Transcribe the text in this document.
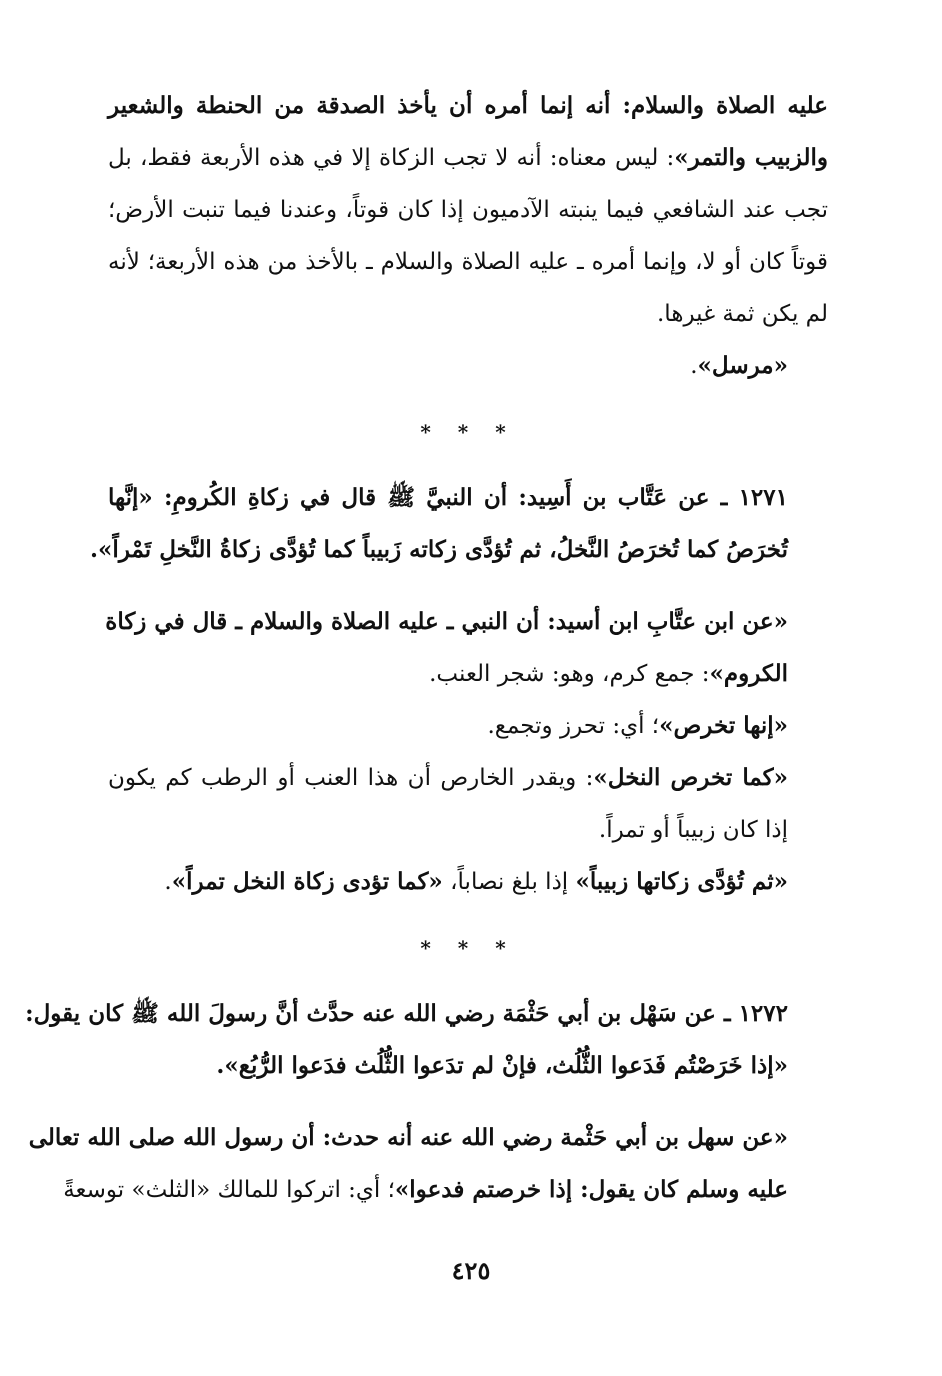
عليه الصلاة والسلام: أنه إنما أمره أن يأخذ الصدقة من الحنطة والشعير
والزبيب والتمر»: ليس معناه: أنه لا تجب الزكاة إلا في هذه الأربعة فقط، بل
تجب عند الشافعي فيما ينبته الآدميون إذا كان قوتاً، وعندنا فيما تنبت الأرض؛
قوتاً كان أو لا، وإنما أمره ـ عليه الصلاة والسلام ـ بالأخذ من هذه الأربعة؛ لأنه
لم يكن ثمة غيرها.
«مرسل».
* * *
١٢٧١ ـ عن عَتَّاب بن أَسِيد: أن النبيَّ ﷺ قال في زكاةِ الكُرومِ: «إنَّها
تُخرَصُ كما تُخرَصُ النَّخلُ، ثم تُؤدَّى زكاته زَبيباً كما تُؤدَّى زكاةُ النَّخلِ تَمْراً».
«عن ابن عتَّابِ ابن أسيد: أن النبي ـ عليه الصلاة والسلام ـ قال في زكاة
الكروم»: جمع كرم، وهو: شجر العنب.
«إنها تخرص»؛ أي: تحرز وتجمع.
«كما تخرص النخل»: ويقدر الخارص أن هذا العنب أو الرطب كم يكون
إذا كان زبيباً أو تمراً.
«ثم تُؤدَّى زكاتها زبيباً» إذا بلغ نصاباً، «كما تؤدى زكاة النخل تمراً».
* * *
١٢٧٢ ـ عن سَهْل بن أبي حَثْمَة رضي الله عنه حدَّث أنَّ رسولَ الله ﷺ كان يقول:
«إذا خَرَصْتُم فَدَعوا الثُّلُث، فإنْ لم تدَعوا الثُّلُث فدَعوا الرُّبُع».
«عن سهل بن أبي حَثْمة رضي الله عنه أنه حدث: أن رسول الله صلى الله تعالى
عليه وسلم كان يقول: إذا خرصتم فدعوا»؛ أي: اتركوا للمالك «الثلث» توسعةً
٤٢٥
